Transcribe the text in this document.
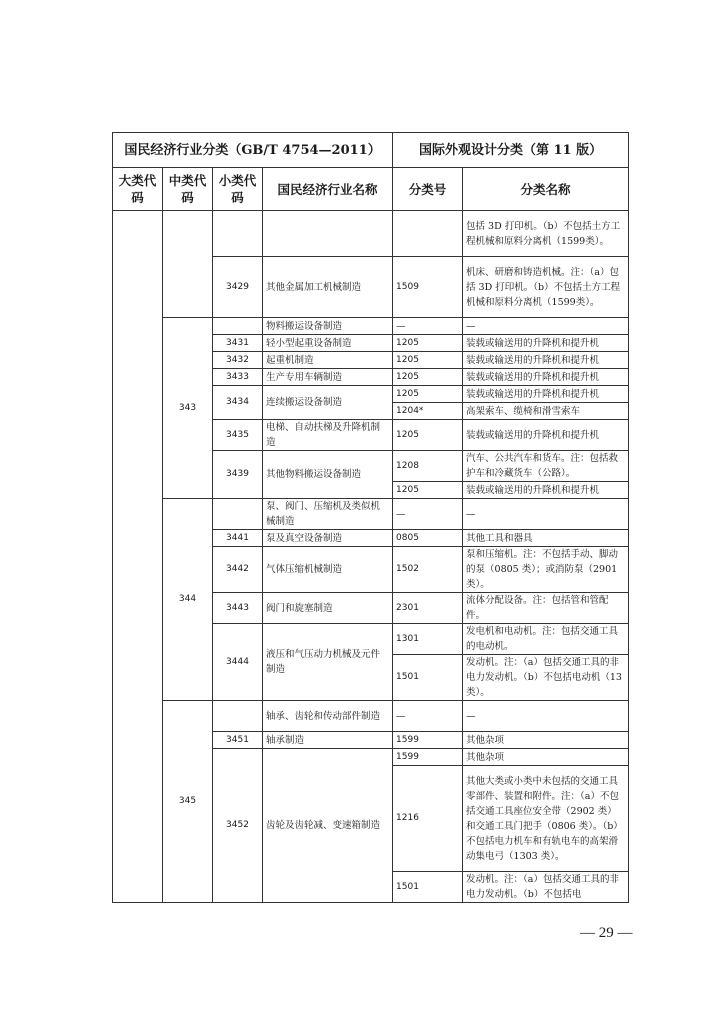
国民经济行业分类（GB/T 4754—2011）				国际外观设计分类（第 11 版）	
大类代码	中类代码	小类代码	国民经济行业名称	分类号	分类名称
					包括 3D 打印机。（b）不包括土方工程机械和原料分离机（1599类）。
		3429	其他金属加工机械制造	1509	机床、研磨和铸造机械。注：（a）包括 3D 打印机。（b）不包括土方工程机械和原料分离机（1599类）。
	343		物料搬运设备制造	—	—
		3431	轻小型起重设备制造	1205	装载或输送用的升降机和提升机
		3432	起重机制造	1205	装载或输送用的升降机和提升机
		3433	生产专用车辆制造	1205	装载或输送用的升降机和提升机
		3434	连续搬运设备制造	1205	装载或输送用的升降机和提升机
				1204*	高架索车、缆椅和滑雪索车
		3435	电梯、自动扶梯及升降机制造	1205	装载或输送用的升降机和提升机
		3439	其他物料搬运设备制造	1208	汽车、公共汽车和货车。注：包括救护车和冷藏货车（公路）。
				1205	装载或输送用的升降机和提升机
	344		泵、阀门、压缩机及类似机械制造	—	—
		3441	泵及真空设备制造	0805	其他工具和器具
		3442	气体压缩机械制造	1502	泵和压缩机。注：不包括手动、脚动的泵（0805 类）；或消防泵（2901 类）。
		3443	阀门和旋塞制造	2301	流体分配设备。注：包括管和管配件。
		3444	液压和气压动力机械及元件制造	1301	发电机和电动机。注：包括交通工具的电动机。
				1501	发动机。注：（a）包括交通工具的非电力发动机。（b）不包括电动机（13 类）。
	345		轴承、齿轮和传动部件制造	—	—
		3451	轴承制造	1599	其他杂项
		3452	齿轮及齿轮减、变速箱制造	1599	其他杂项
				1216	其他大类或小类中未包括的交通工具零部件、装置和附件。注：（a）不包括交通工具座位安全带（2902 类）和交通工具门把手（0806 类）。（b）不包括电力机车和有轨电车的高架滑动集电弓（1303 类）。
				1501	发动机。注：（a）包括交通工具的非电力发动机。（b）不包括电
— 29 —
